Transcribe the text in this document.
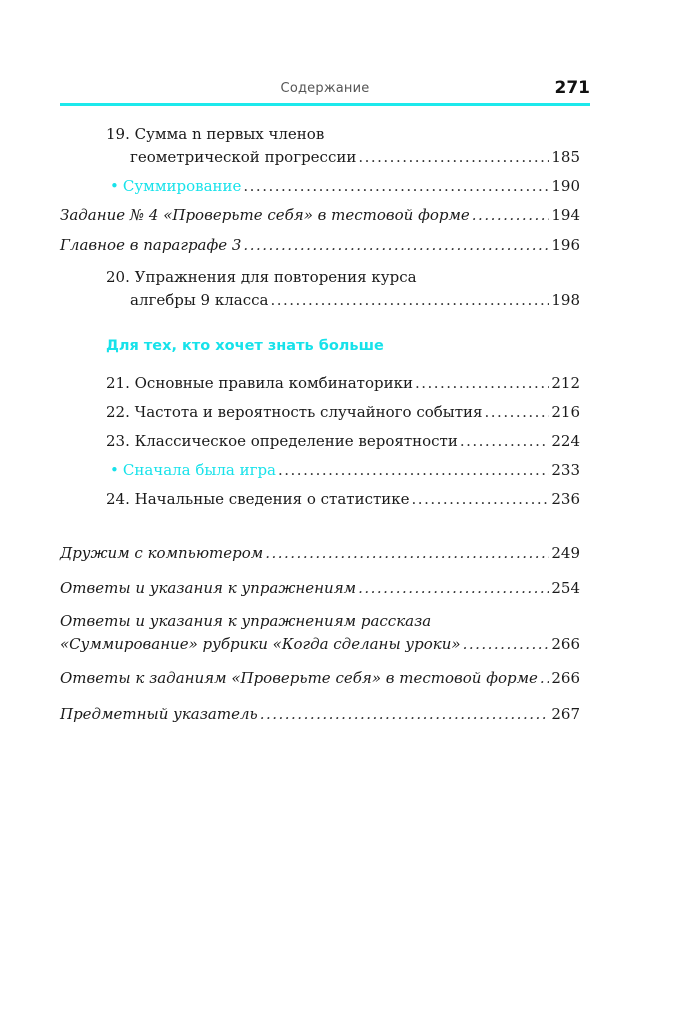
Содержание	271
19. Сумма n первых членов
геометрической прогрессии .....	185
• Суммирование .....	190
Задание № 4 «Проверьте себя» в тестовой форме .....	194
Главное в параграфе 3 .....	196
20. Упражнения для повторения курса
алгебры 9 класса .....	198
Для тех, кто хочет знать больше
21. Основные правила комбинаторики .....	212
22. Частота и вероятность случайного события .....	216
23. Классическое определение вероятности .....	224
• Сначала была игра .....	233
24. Начальные сведения о статистике .....	236
Дружим с компьютером .....	249
Ответы и указания к упражнениям .....	254
Ответы и указания к упражнениям рассказа
«Суммирование» рубрики «Когда сделаны уроки» .....	266
Ответы к заданиям «Проверьте себя» в тестовой форме ..... 266
Предметный указатель .....	267
